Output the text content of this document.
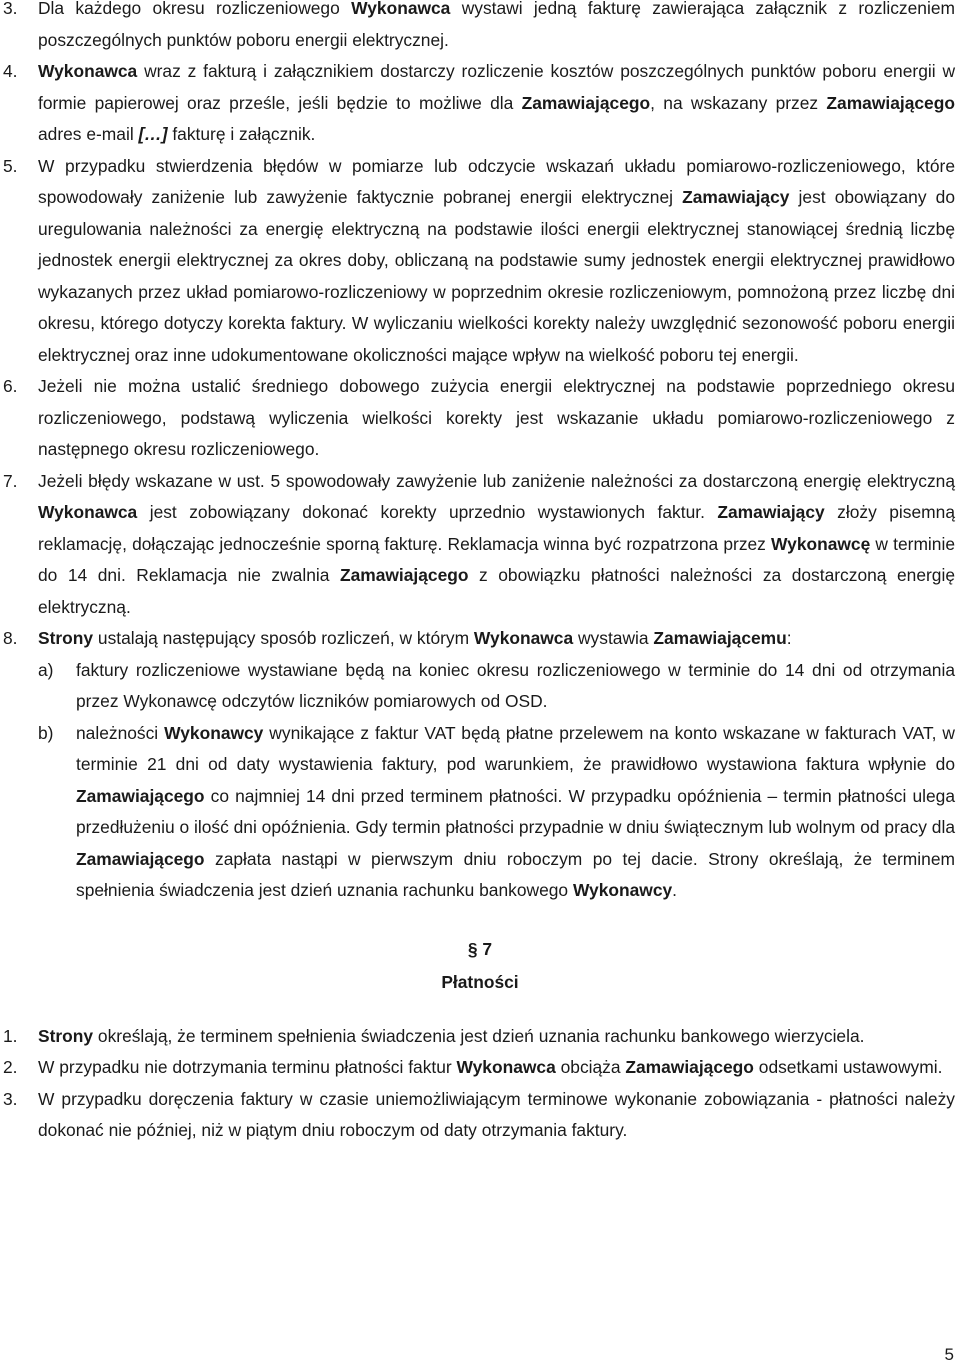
3. Dla każdego okresu rozliczeniowego Wykonawca wystawi jedną fakturę zawierająca załącznik z rozliczeniem poszczególnych punktów poboru energii elektrycznej.
4. Wykonawca wraz z fakturą i załącznikiem dostarczy rozliczenie kosztów poszczególnych punktów poboru energii w formie papierowej oraz prześle, jeśli będzie to możliwe dla Zamawiającego, na wskazany przez Zamawiającego adres e-mail […] fakturę i załącznik.
5. W przypadku stwierdzenia błędów w pomiarze lub odczycie wskazań układu pomiarowo-rozliczeniowego, które spowodowały zaniżenie lub zawyżenie faktycznie pobranej energii elektrycznej Zamawiający jest obowiązany do uregulowania należności za energię elektryczną na podstawie ilości energii elektrycznej stanowiącej średnią liczbę jednostek energii elektrycznej za okres doby, obliczaną na podstawie sumy jednostek energii elektrycznej prawidłowo wykazanych przez układ pomiarowo-rozliczeniowy w poprzednim okresie rozliczeniowym, pomnożoną przez liczbę dni okresu, którego dotyczy korekta faktury. W wyliczaniu wielkości korekty należy uwzględnić sezonowość poboru energii elektrycznej oraz inne udokumentowane okoliczności mające wpływ na wielkość poboru tej energii.
6. Jeżeli nie można ustalić średniego dobowego zużycia energii elektrycznej na podstawie poprzedniego okresu rozliczeniowego, podstawą wyliczenia wielkości korekty jest wskazanie układu pomiarowo-rozliczeniowego z następnego okresu rozliczeniowego.
7. Jeżeli błędy wskazane w ust. 5 spowodowały zawyżenie lub zaniżenie należności za dostarczoną energię elektryczną Wykonawca jest zobowiązany dokonać korekty uprzednio wystawionych faktur. Zamawiający złoży pisemną reklamację, dołączając jednocześnie sporną fakturę. Reklamacja winna być rozpatrzona przez Wykonawcę w terminie do 14 dni. Reklamacja nie zwalnia Zamawiającego z obowiązku płatności należności za dostarczoną energię elektryczną.
8. Strony ustalają następujący sposób rozliczeń, w którym Wykonawca wystawia Zamawiającemu:
a) faktury rozliczeniowe wystawiane będą na koniec okresu rozliczeniowego w terminie do 14 dni od otrzymania przez Wykonawcę odczytów liczników pomiarowych od OSD.
b) należności Wykonawcy wynikające z faktur VAT będą płatne przelewem na konto wskazane w fakturach VAT, w terminie 21 dni od daty wystawienia faktury, pod warunkiem, że prawidłowo wystawiona faktura wpłynie do Zamawiającego co najmniej 14 dni przed terminem płatności. W przypadku opóźnienia – termin płatności ulega przedłużeniu o ilość dni opóźnienia. Gdy termin płatności przypadnie w dniu świątecznym lub wolnym od pracy dla Zamawiającego zapłata nastąpi w pierwszym dniu roboczym po tej dacie. Strony określają, że terminem spełnienia świadczenia jest dzień uznania rachunku bankowego Wykonawcy.
§ 7
Płatności
1. Strony określają, że terminem spełnienia świadczenia jest dzień uznania rachunku bankowego wierzyciela.
2. W przypadku nie dotrzymania terminu płatności faktur Wykonawca obciąża Zamawiającego odsetkami ustawowymi.
3. W przypadku doręczenia faktury w czasie uniemożliwiającym terminowe wykonanie zobowiązania - płatności należy dokonać nie później, niż w piątym dniu roboczym od daty otrzymania faktury.
5
